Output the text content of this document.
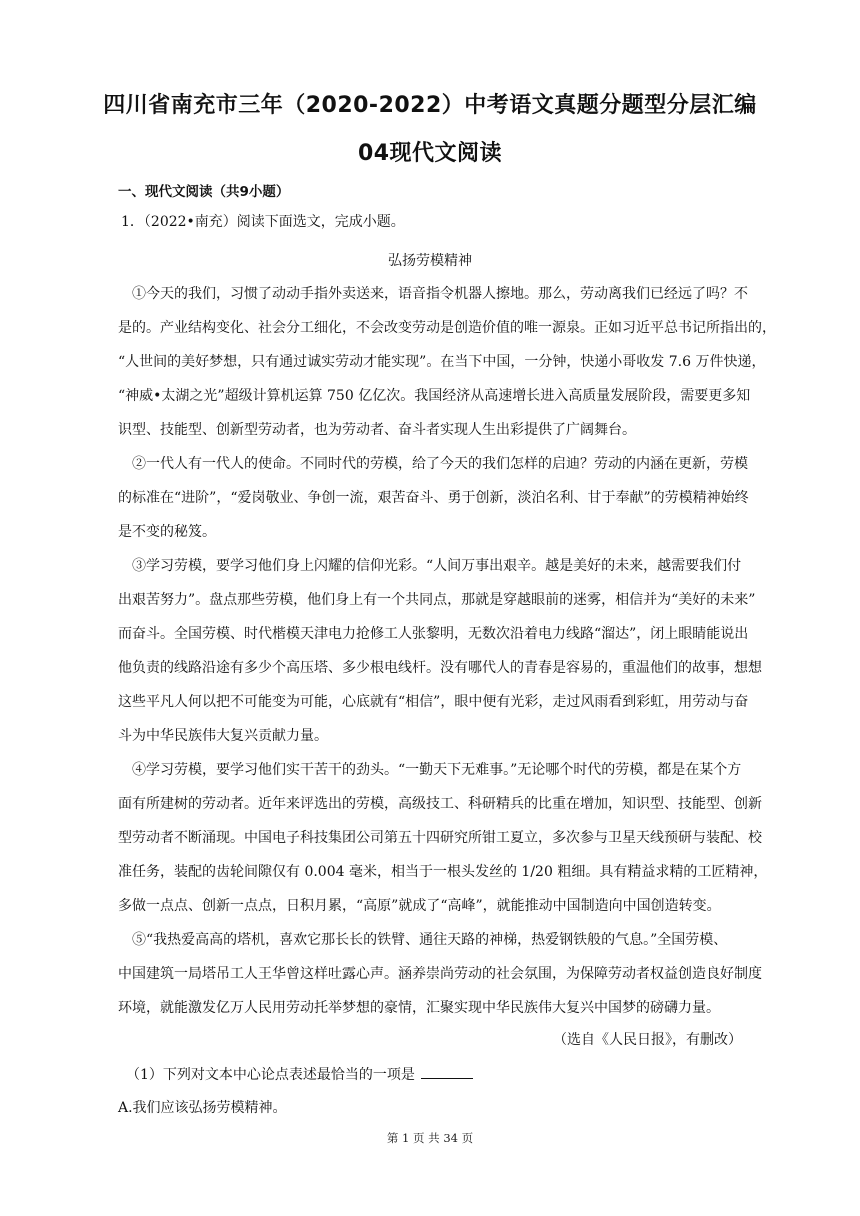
四川省南充市三年（2020-2022）中考语文真题分题型分层汇编
04现代文阅读
一、现代文阅读（共9小题）
1．（2022•南充）阅读下面选文，完成小题。
弘扬劳模精神
　①今天的我们，习惯了动动手指外卖送来，语音指令机器人擦地。那么，劳动离我们已经远了吗？不
是的。产业结构变化、社会分工细化，不会改变劳动是创造价值的唯一源泉。正如习近平总书记所指出的，
“人世间的美好梦想，只有通过诚实劳动才能实现”。在当下中国，一分钟，快递小哥收发 7.6 万件快递，
“神威•太湖之光”超级计算机运算 750 亿亿次。我国经济从高速增长进入高质量发展阶段，需要更多知
识型、技能型、创新型劳动者，也为劳动者、奋斗者实现人生出彩提供了广阔舞台。
　②一代人有一代人的使命。不同时代的劳模，给了今天的我们怎样的启迪？劳动的内涵在更新，劳模
的标准在“进阶”，“爱岗敬业、争创一流，艰苦奋斗、勇于创新，淡泊名利、甘于奉献”的劳模精神始终
是不变的秘笈。
　③学习劳模，要学习他们身上闪耀的信仰光彩。“人间万事出艰辛。越是美好的未来，越需要我们付
出艰苦努力”。盘点那些劳模，他们身上有一个共同点，那就是穿越眼前的迷雾，相信并为“美好的未来”
而奋斗。全国劳模、时代楷模天津电力抢修工人张黎明，无数次沿着电力线路“溜达”，闭上眼睛能说出
他负责的线路沿途有多少个高压塔、多少根电线杆。没有哪代人的青春是容易的，重温他们的故事，想想
这些平凡人何以把不可能变为可能，心底就有“相信”，眼中便有光彩，走过风雨看到彩虹，用劳动与奋
斗为中华民族伟大复兴贡献力量。
　④学习劳模，要学习他们实干苦干的劲头。“一勤天下无难事。”无论哪个时代的劳模，都是在某个方
面有所建树的劳动者。近年来评选出的劳模，高级技工、科研精兵的比重在增加，知识型、技能型、创新
型劳动者不断涌现。中国电子科技集团公司第五十四研究所钳工夏立，多次参与卫星天线预研与装配、校
准任务，装配的齿轮间隙仅有 0.004 毫米，相当于一根头发丝的 1/20 粗细。具有精益求精的工匠精神，
多做一点点、创新一点点，日积月累，“高原”就成了“高峰”，就能推动中国制造向中国创造转变。
　⑤“我热爱高高的塔机，喜欢它那长长的铁臂、通往天路的神梯，热爱钢铁般的气息。”全国劳模、
中国建筑一局塔吊工人王华曾这样吐露心声。涵养崇尚劳动的社会氛围，为保障劳动者权益创造良好制度
环境，就能激发亿万人民用劳动托举梦想的豪情，汇聚实现中华民族伟大复兴中国梦的磅礴力量。
（选自《人民日报》，有删改）
（1）下列对文本中心论点表述最恰当的一项是
A.我们应该弘扬劳模精神。
第 1 页 共 34 页
